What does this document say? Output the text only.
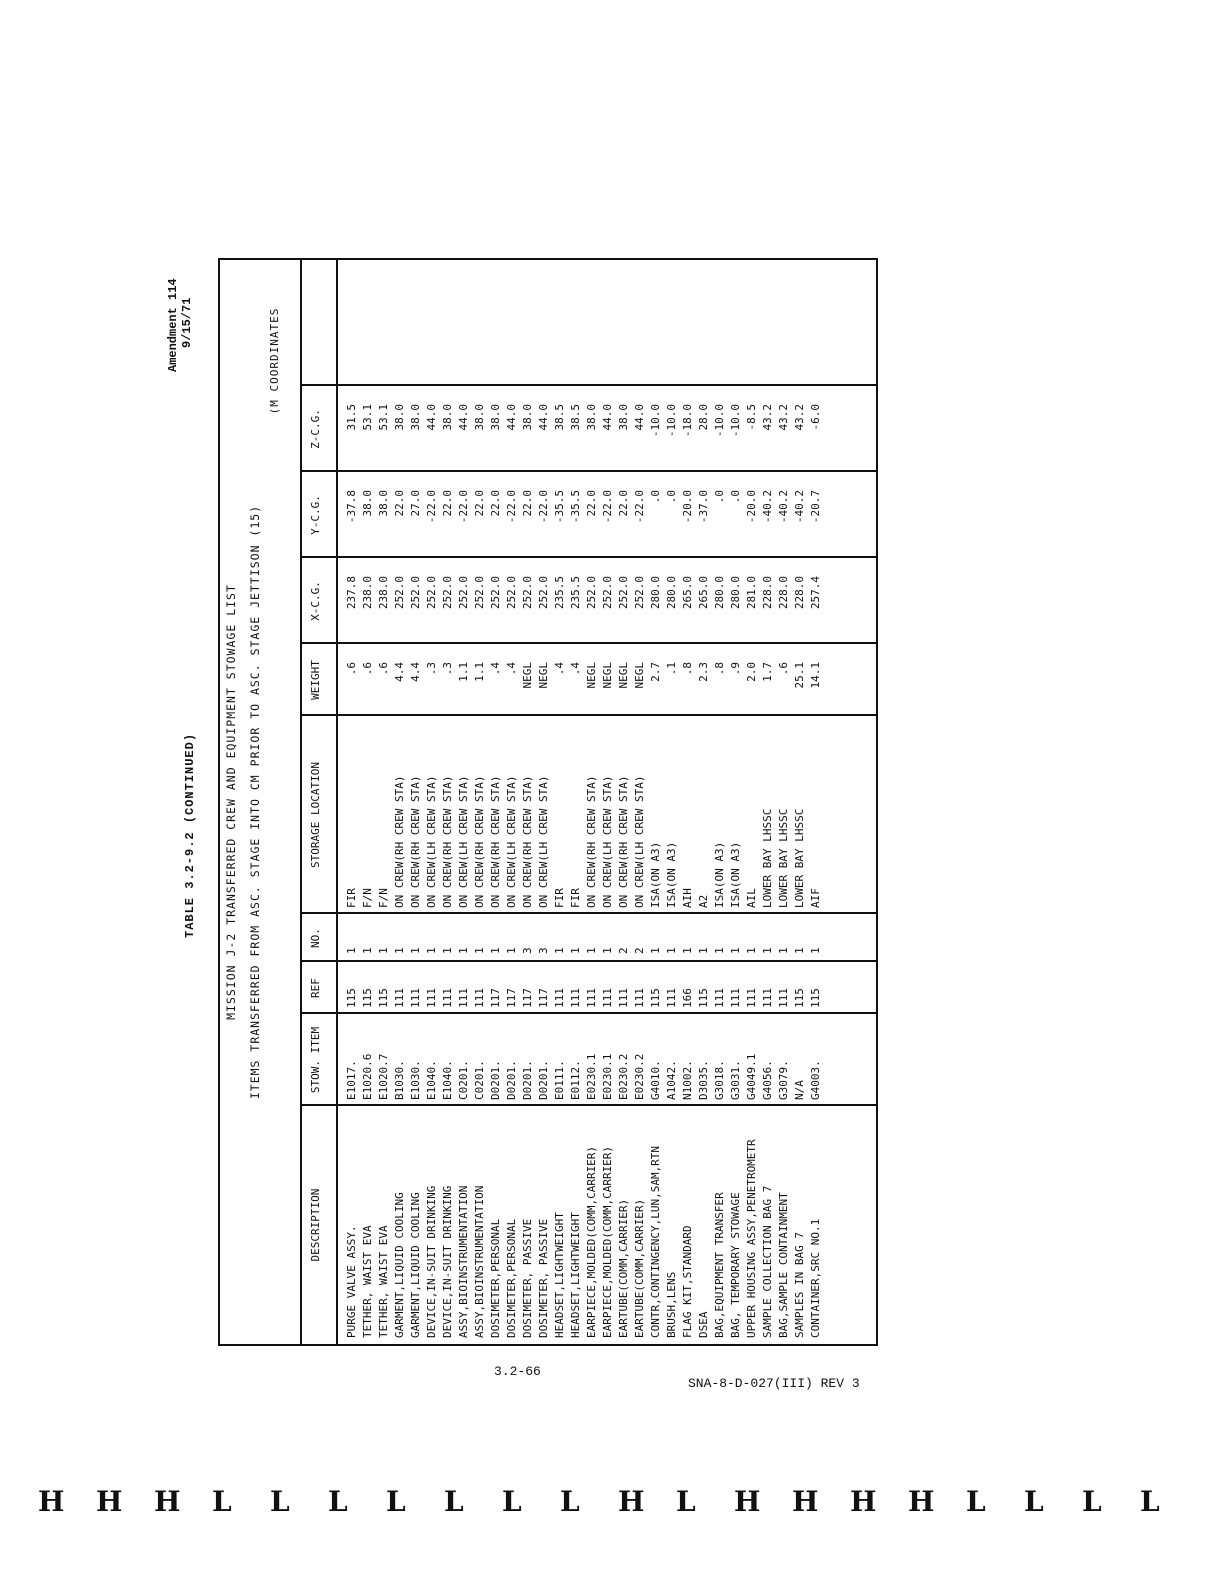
Amendment 114 9/15/71
TABLE 3.2-9.2 (CONTINUED) MISSION J-2 TRANSFERRED CREW AND EQUIPMENT STOWAGE LIST ITEMS TRANSFERRED FROM ASC. STAGE INTO CM PRIOR TO ASC. STAGE JETTISON (15)
(M COORDINATES
DESCRIPTION
STOW. ITEM
REF
NO.
STORAGE LOCATION
WEIGHT
X-C.G.
Y-C.G.
Z-C.G.
PURGE VALVE ASSY.
E1017.
115
1
FIR
.6
237.8
-37.8
31.5
TETHER, WAIST EVA
E1020.6
115
1
F/N
.6
238.0
38.0
53.1
TETHER, WAIST EVA
E1020.7
115
1
F/N
.6
238.0
38.0
53.1
GARMENT,LIQUID COOLING
B1030.
111
1
ON CREW(RH CREW STA)
4.4
252.0
22.0
38.0
GARMENT,LIQUID COOLING
E1030.
111
1
ON CREW(RH CREW STA)
4.4
252.0
27.0
38.0
DEVICE,IN-SUIT DRINKING
E1040.
111
1
ON CREW(LH CREW STA)
.3
252.0
-22.0
44.0
DEVICE,IN-SUIT DRINKING
E1040.
111
1
ON CREW(RH CREW STA)
.3
252.0
22.0
38.0
ASSY,BIOINSTRUMENTATION
C0201.
111
1
ON CREW(LH CREW STA)
1.1
252.0
-22.0
44.0
ASSY,BIOINSTRUMENTATION
C0201.
111
1
ON CREW(RH CREW STA)
1.1
252.0
22.0
38.0
DOSIMETER,PERSONAL
D0201.
117
1
ON CREW(RH CREW STA)
.4
252.0
22.0
38.0
DOSIMETER,PERSONAL
D0201.
117
1
ON CREW(LH CREW STA)
.4
252.0
-22.0
44.0
DOSIMETER, PASSIVE
D0201.
117
3
ON CREW(RH CREW STA)
NEGL
252.0
22.0
38.0
DOSIMETER, PASSIVE
D0201.
117
3
ON CREW(LH CREW STA)
NEGL
252.0
-22.0
44.0
HEADSET,LIGHTWEIGHT
E0111.
111
1
FIR
.4
235.5
-35.5
38.5
HEADSET,LIGHTWEIGHT
E0112.
111
1
FIR
.4
235.5
-35.5
38.5
EARPIECE,MOLDED(COMM,CARRIER)
E0230.1
111
1
ON CREW(RH CREW STA)
NEGL
252.0
22.0
38.0
EARPIECE,MOLDED(COMM,CARRIER)
E0230.1
111
1
ON CREW(LH CREW STA)
NEGL
252.0
-22.0
44.0
EARTUBE(COMM,CARRIER)
E0230.2
111
2
ON CREW(RH CREW STA)
NEGL
252.0
22.0
38.0
EARTUBE(COMM,CARRIER)
E0230.2
111
2
ON CREW(LH CREW STA)
NEGL
252.0
-22.0
44.0
CONTR,CONTINGENCY,LUN,SAM,RTN
G4010.
115
1
ISA(ON A3)
2.7
280.0
.0
-10.0
BRUSH,LENS
A1042.
111
1
ISA(ON A3)
.1
280.0
.0
-10.0
FLAG KIT,STANDARD
N1002.
166
1
AIH
.8
265.0
-20.0
-18.0
DSEA
D3035.
115
1
A2
2.3
265.0
-37.0
28.0
BAG,EQUIPMENT TRANSFER
G3018.
111
1
ISA(ON A3)
.8
280.0
.0
-10.0
BAG, TEMPORARY STOWAGE
G3031.
111
1
ISA(ON A3)
.9
280.0
.0
-10.0
UPPER HOUSING ASSY,PENETROMETR
G4049.1
111
1
AIL
2.0
281.0
-20.0
-8.5
SAMPLE COLLECTION BAG 7
G4056.
111
1
LOWER BAY LHSSC
1.7
228.0
-40.2
43.2
BAG,SAMPLE CONTAINMENT
G3079.
111
1
LOWER BAY LHSSC
.6
228.0
-40.2
43.2
SAMPLES IN BAG 7
N/A
115
1
LOWER BAY LHSSC
25.1
228.0
-40.2
43.2
CONTAINER,SRC NO.1
G4003.
115
1
AIF
14.1
257.4
-20.7
-6.0
3.2-66
SNA-8-D-027(III) REV 3
H H H L L L L L L L H L H H H H L L L L
